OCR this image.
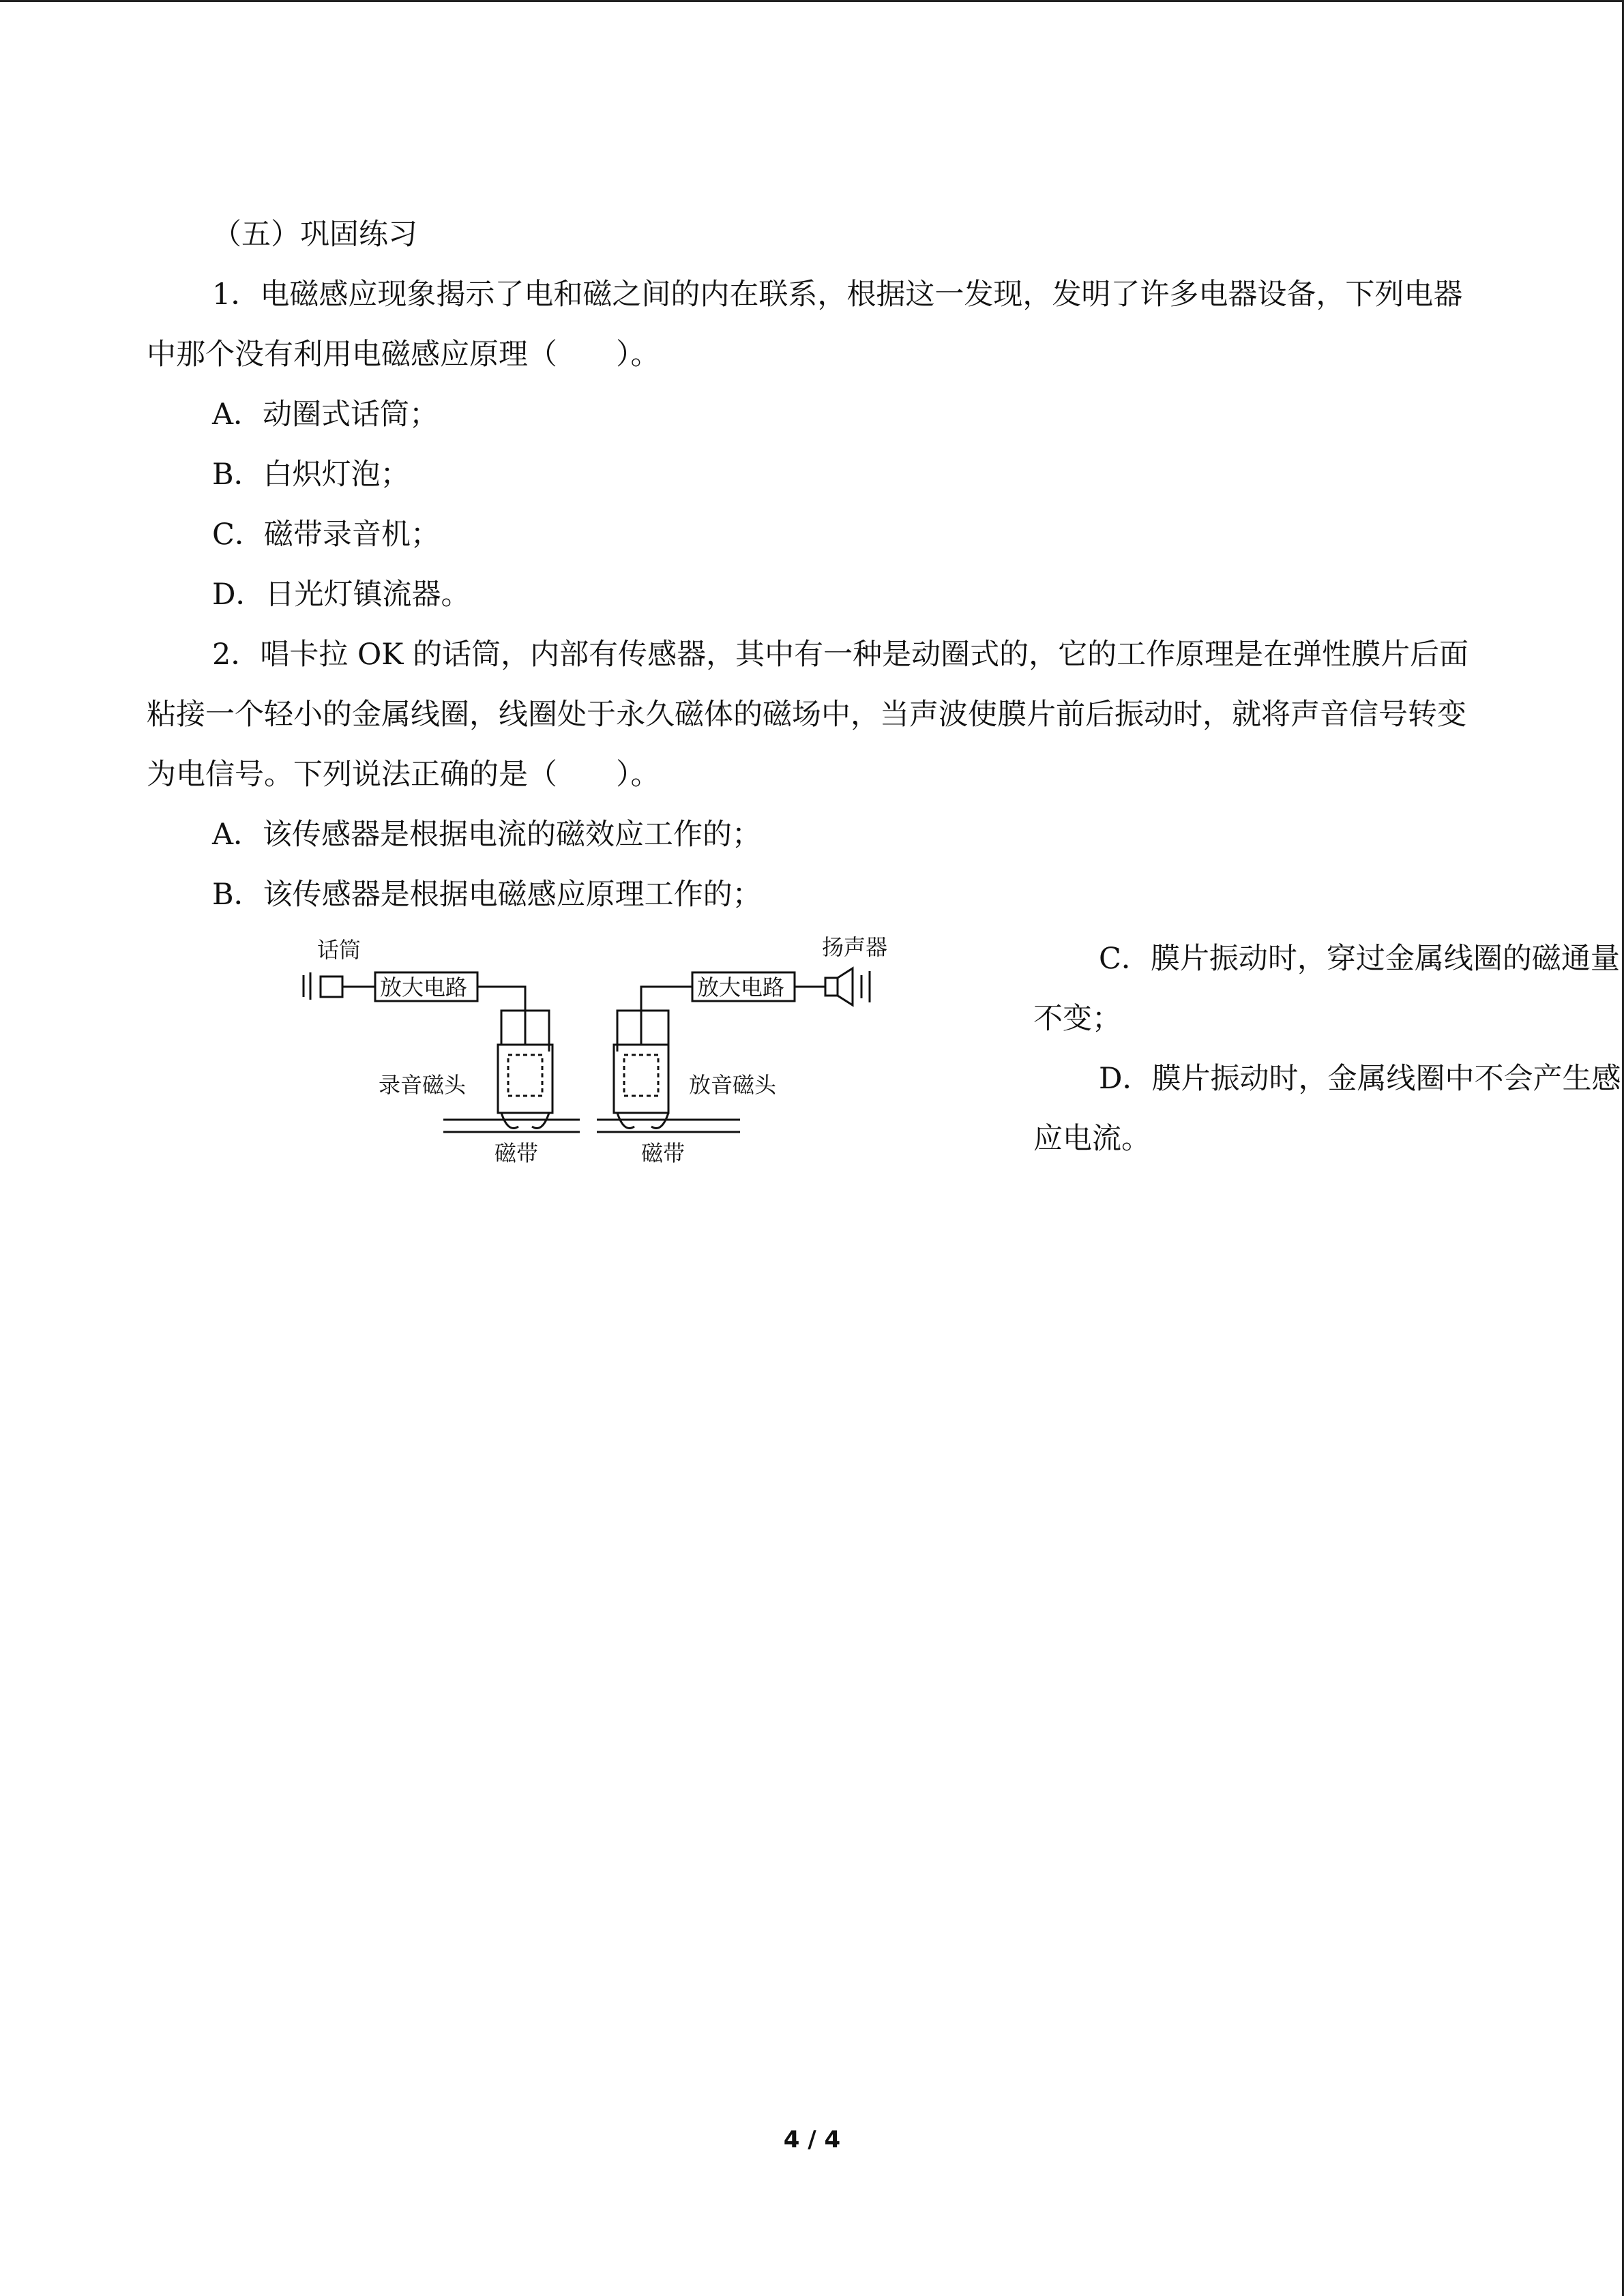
（五）巩固练习

1．电磁感应现象揭示了电和磁之间的内在联系，根据这一发现，发明了许多电器设备，下列电器中那个没有利用电磁感应原理（　　）。

A．动圈式话筒；

B．白炽灯泡；

C．磁带录音机；

D．日光灯镇流器。

2．唱卡拉 OK 的话筒，内部有传感器，其中有一种是动圈式的，它的工作原理是在弹性膜片后面粘接一个轻小的金属线圈，线圈处于永久磁体的磁场中，当声波使膜片前后振动时，就将声音信号转变为电信号。下列说法正确的是（　　）。

A．该传感器是根据电流的磁效应工作的；

B．该传感器是根据电磁感应原理工作的；

话筒
放大电路
录音磁头
磁带
扬声器
放大电路
放音磁头
磁带

C．膜片振动时，穿过金属线圈的磁通量不变；

D．膜片振动时，金属线圈中不会产生感应电流。

4 / 4
